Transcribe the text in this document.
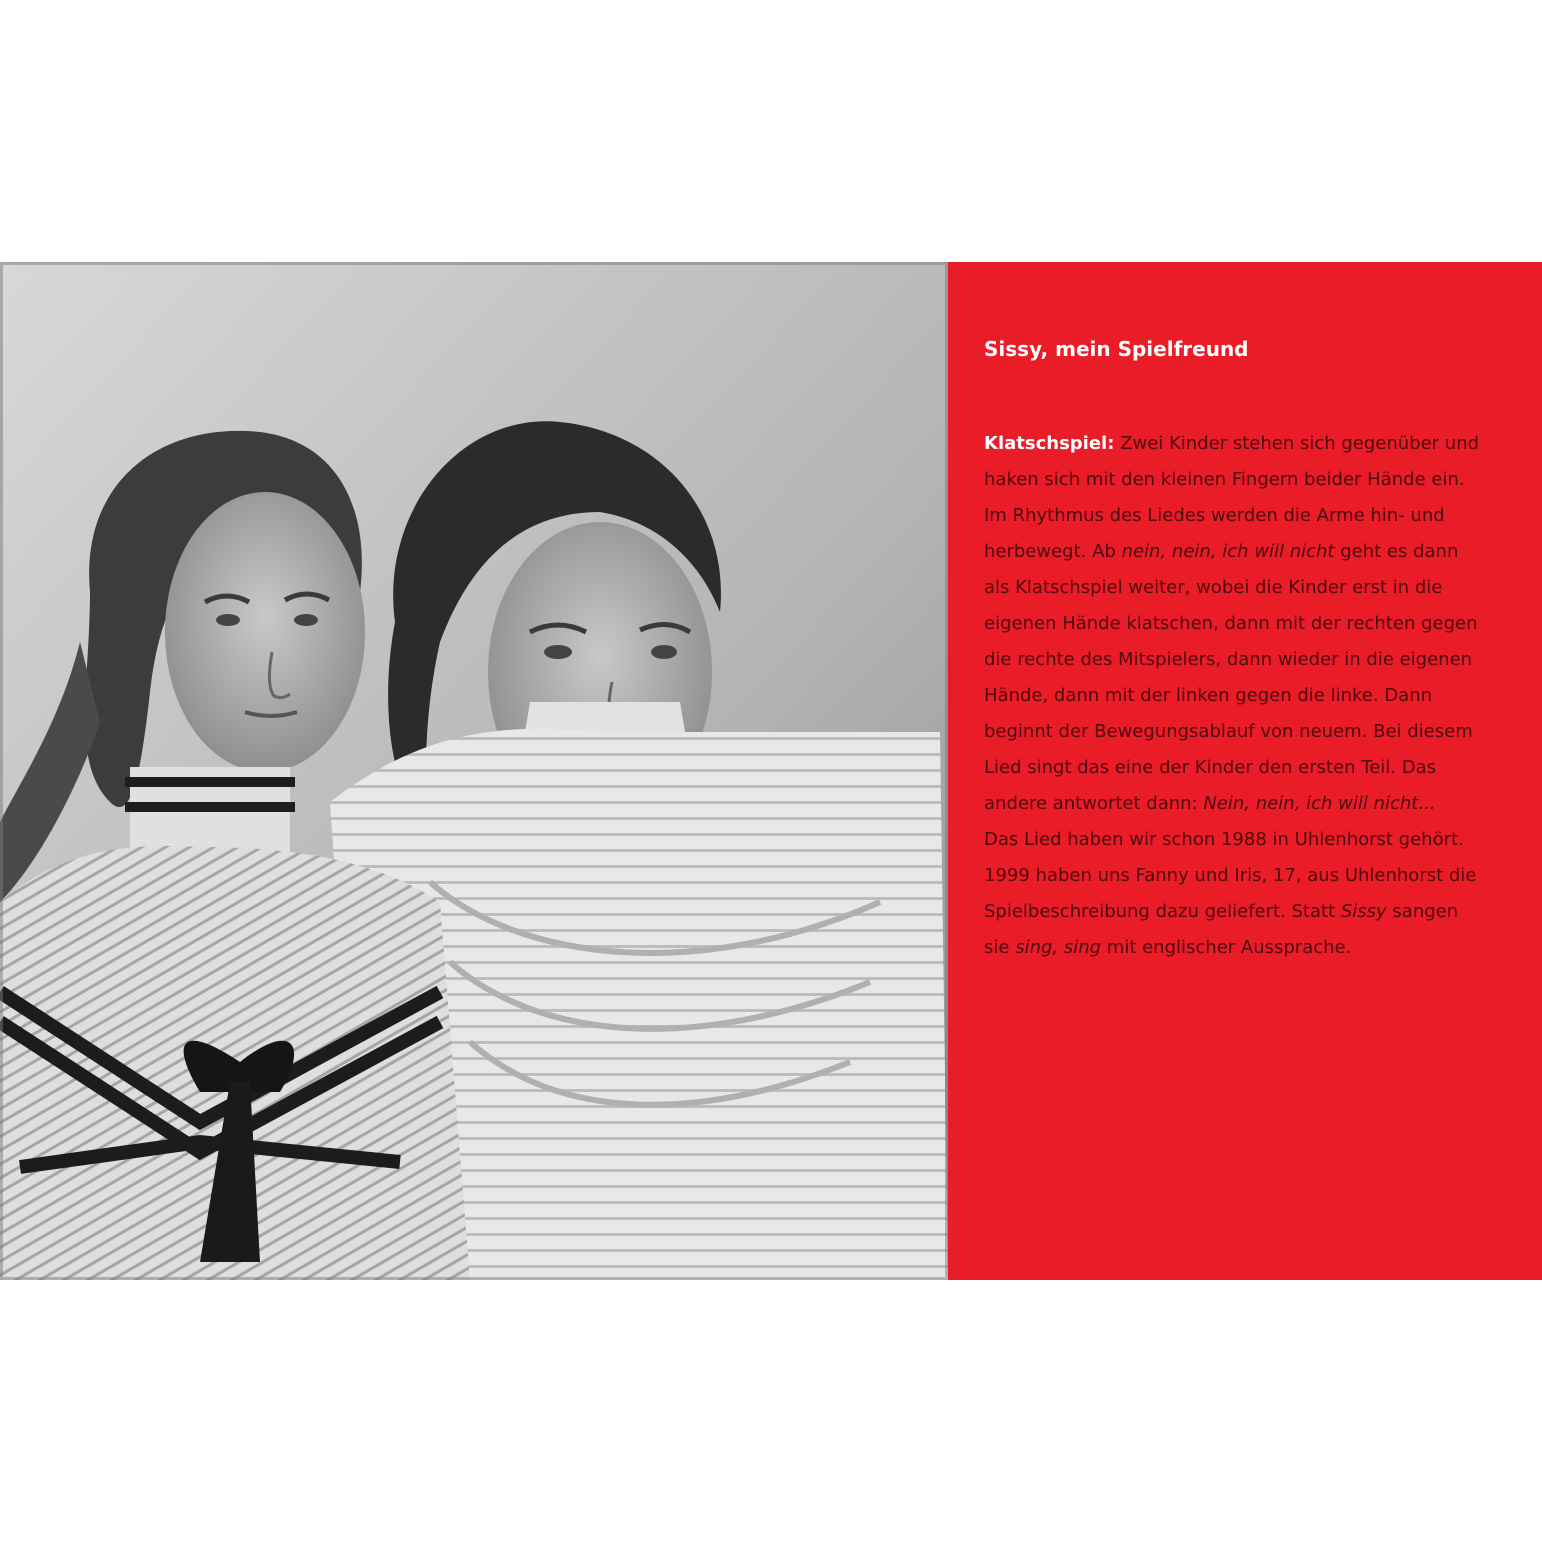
Sissy, mein Spielfreund

Klatschspiel: Zwei Kinder stehen sich gegenüber und haken sich mit den kleinen Fingern beider Hände ein. Im Rhythmus des Liedes werden die Arme hin- und herbewegt. Ab nein, nein, ich will nicht geht es dann als Klatschspiel weiter, wobei die Kinder erst in die eigenen Hände klatschen, dann mit der rechten gegen die rechte des Mitspielers, dann wieder in die eigenen Hände, dann mit der linken gegen die linke. Dann beginnt der Bewegungsablauf von neuem. Bei diesem Lied singt das eine der Kinder den ersten Teil. Das andere antwortet dann: Nein, nein, ich will nicht...

Das Lied haben wir schon 1988 in Uhlenhorst gehört. 1999 haben uns Fanny und Iris, 17, aus Uhlenhorst die Spielbeschreibung dazu geliefert. Statt Sissy sangen sie sing, sing mit englischer Aussprache.
